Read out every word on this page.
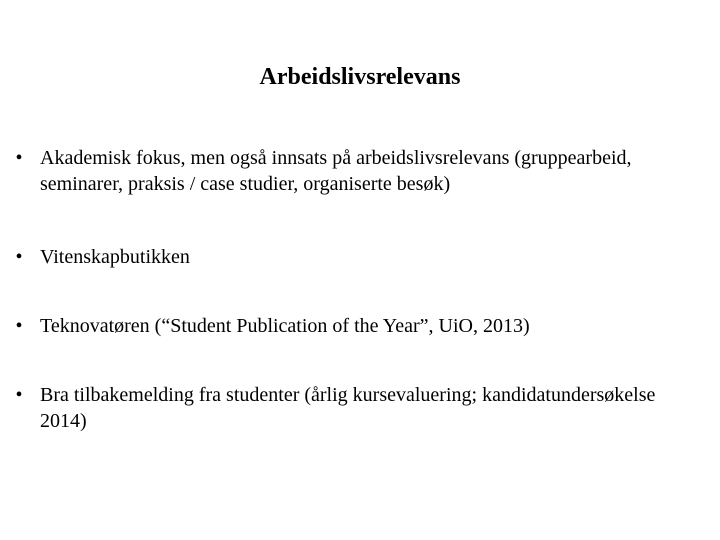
Arbeidslivsrelevans
• Akademisk fokus, men også innsats på arbeidslivsrelevans (gruppearbeid, seminarer, praksis / case studier, organiserte besøk)
• Vitenskapbutikken
• Teknovatøren (“Student Publication of the Year”, UiO, 2013)
• Bra tilbakemelding fra studenter (årlig kursevaluering; kandidatundersøkelse 2014)
